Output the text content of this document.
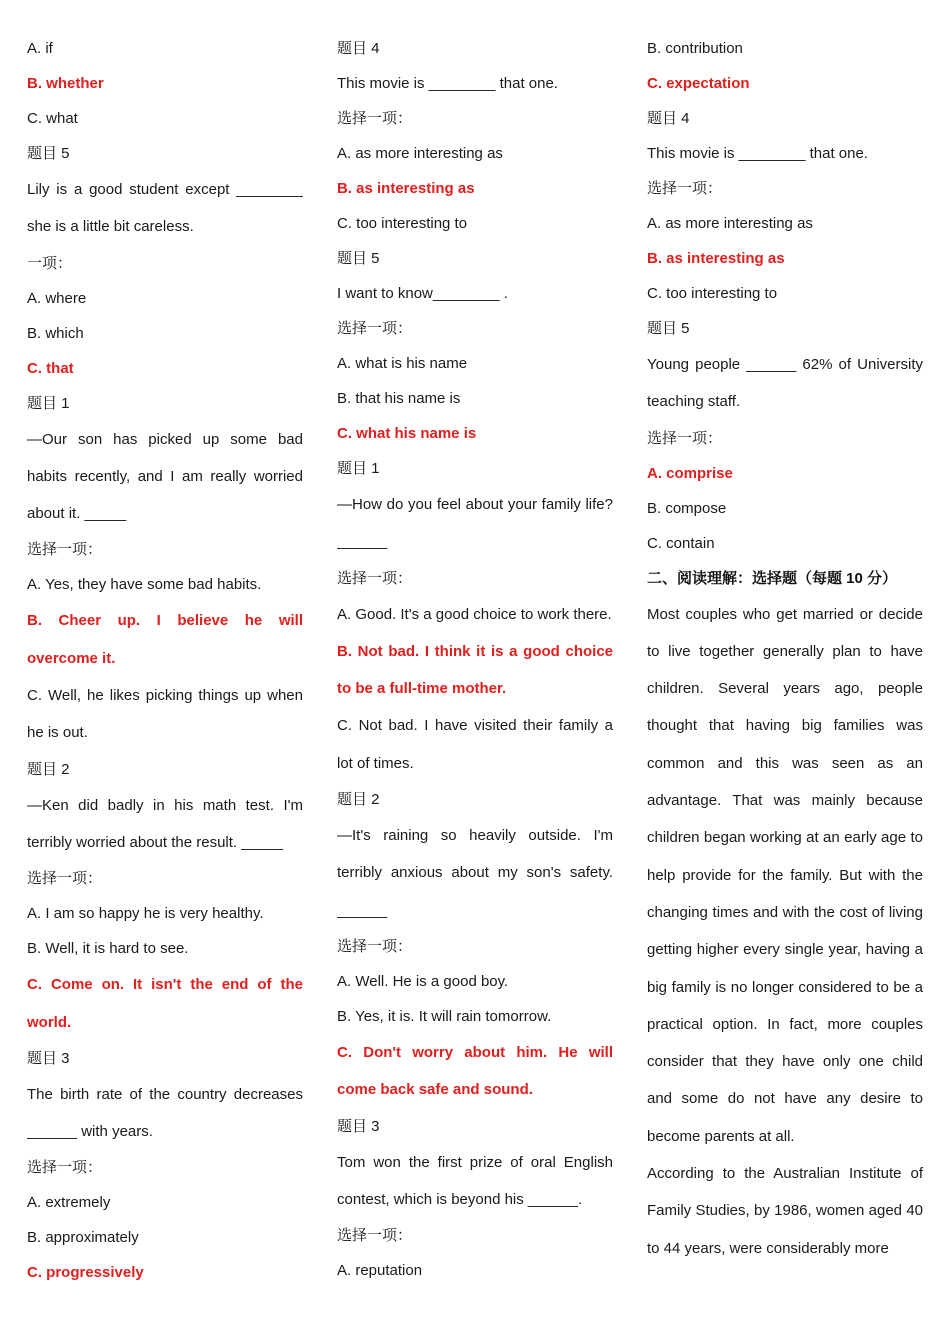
A. if
B. whether
C. what
题目 5
Lily is a good student except ________ she is a little bit careless.
一项：
A. where
B. which
C. that
题目 1
—Our son has picked up some bad habits recently, and I am really worried about it. _____
选择一项：
A. Yes, they have some bad habits.
B. Cheer up. I believe he will overcome it.
C. Well, he likes picking things up when he is out.
题目 2
—Ken did badly in his math test. I'm terribly worried about the result. _____
选择一项：
A. I am so happy he is very healthy.
B. Well, it is hard to see.
C. Come on. It isn't the end of the world.
题目 3
The birth rate of the country decreases ______ with years.
选择一项：
A. extremely
B. approximately
C. progressively
题目 4
This movie is ________ that one.
选择一项：
A. as more interesting as
B. as interesting as
C. too interesting to
题目 5
I want to know________ .
选择一项：
A. what is his name
B. that his name is
C. what his name is
题目 1
—How do you feel about your family life? ______
选择一项：
A. Good. It's a good choice to work there.
B. Not bad. I think it is a good choice to be a full-time mother.
C. Not bad. I have visited their family a lot of times.
题目 2
—It's raining so heavily outside. I'm terribly anxious about my son's safety. ______
选择一项：
A. Well. He is a good boy.
B. Yes, it is. It will rain tomorrow.
C. Don't worry about him. He will come back safe and sound.
题目 3
Tom won the first prize of oral English contest, which is beyond his ______.
选择一项：
A. reputation
B. contribution
C. expectation
题目 4
This movie is ________ that one.
选择一项：
A. as more interesting as
B. as interesting as
C. too interesting to
题目 5
Young people ______ 62% of University teaching staff.
选择一项：
A. comprise
B. compose
C. contain
二、阅读理解：选择题（每题 10 分）
Most couples who get married or decide to live together generally plan to have children. Several years ago, people thought that having big families was common and this was seen as an advantage. That was mainly because children began working at an early age to help provide for the family. But with the changing times and with the cost of living getting higher every single year, having a big family is no longer considered to be a practical option. In fact, more couples consider that they have only one child and some do not have any desire to become parents at all.
According to the Australian Institute of Family Studies, by 1986, women aged 40 to 44 years, were considerably more
